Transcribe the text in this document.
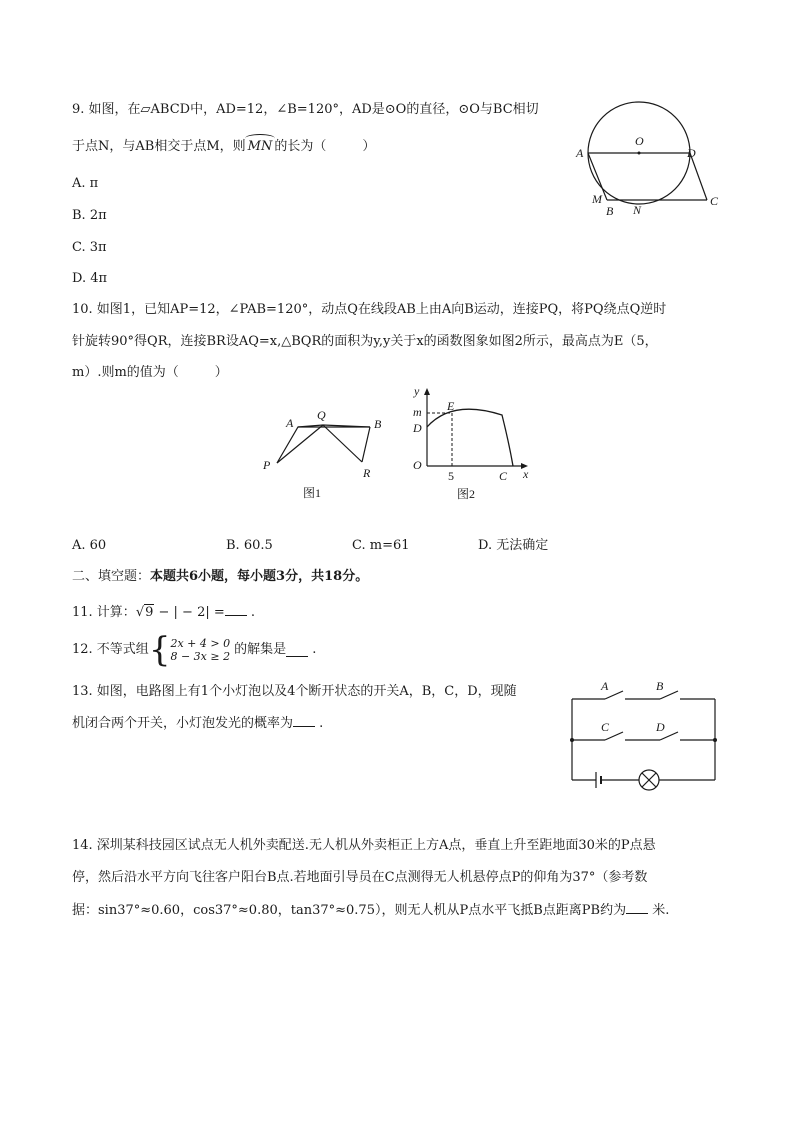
9. 如图，在▱ABCD中，AD=12，∠B=120°，AD是⊙O的直径，⊙O与BC相切
于点N，与AB相交于点M，则 MN 的长为（	）
A. π
B. 2π
C. 3π
D. 4π
O
A	D
M
B N
C
10. 如图1，已知AP=12，∠PAB=120°，动点Q在线段AB上由A向B运动，连接PQ，将PQ绕点Q逆时
针旋转90°得QR，连接BR设AQ=x,△BQR的面积为y,y关于x的函数图象如图2所示，最高点为E（5，
m）.则m的值为（	）
A
Q
B
P
R
图1
y
m E
D
O
5	C x
图2
A. 60	B. 60.5	C. m=61	D. 无法确定
二、填空题：本题共6小题，每小题3分，共18分。
11. 计算：√9 − | − 2| = .
12. 不等式组{ 2x + 4 > 0
8 − 3x ≥ 2 的解集是 .
13. 如图，电路图上有1个小灯泡以及4个断开状态的开关A，B，C，D，现随
机闭合两个开关，小灯泡发光的概率为 .
A	B
C	D
14. 深圳某科技园区试点无人机外卖配送.无人机从外卖柜正上方A点，垂直上升至距地面30米的P点悬
停，然后沿水平方向飞往客户阳台B点.若地面引导员在C点测得无人机悬停点P的仰角为37°（参考数
据：sin37°≈0.60，cos37°≈0.80，tan37°≈0.75），则无人机从P点水平飞抵B点距离PB约为 米.
